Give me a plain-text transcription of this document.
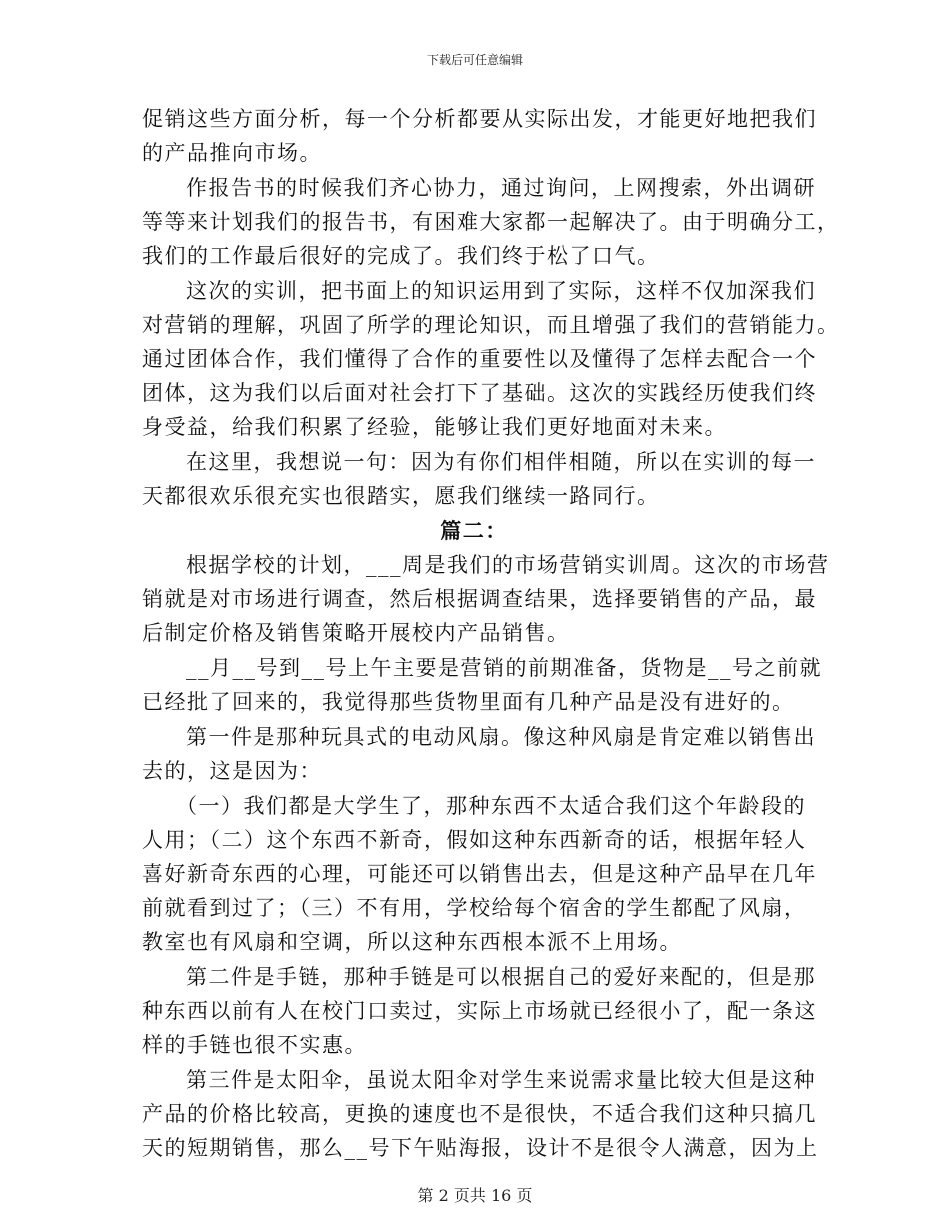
下载后可任意编辑

促销这些方面分析，每一个分析都要从实际出发，才能更好地把我们
的产品推向市场。

作报告书的时候我们齐心协力，通过询问，上网搜索，外出调研
等等来计划我们的报告书，有困难大家都一起解决了。由于明确分工，
我们的工作最后很好的完成了。我们终于松了口气。

这次的实训，把书面上的知识运用到了实际，这样不仅加深我们
对营销的理解，巩固了所学的理论知识，而且增强了我们的营销能力。
通过团体合作，我们懂得了合作的重要性以及懂得了怎样去配合一个
团体，这为我们以后面对社会打下了基础。这次的实践经历使我们终
身受益，给我们积累了经验，能够让我们更好地面对未来。

在这里，我想说一句：因为有你们相伴相随，所以在实训的每一
天都很欢乐很充实也很踏实，愿我们继续一路同行。

篇二：

根据学校的计划，___周是我们的市场营销实训周。这次的市场营
销就是对市场进行调查，然后根据调查结果，选择要销售的产品，最
后制定价格及销售策略开展校内产品销售。

__月__号到__号上午主要是营销的前期准备，货物是__号之前就
已经批了回来的，我觉得那些货物里面有几种产品是没有进好的。

第一件是那种玩具式的电动风扇。像这种风扇是肯定难以销售出
去的，这是因为：

（一）我们都是大学生了，那种东西不太适合我们这个年龄段的
人用；（二）这个东西不新奇，假如这种东西新奇的话，根据年轻人
喜好新奇东西的心理，可能还可以销售出去，但是这种产品早在几年
前就看到过了；（三）不有用，学校给每个宿舍的学生都配了风扇，
教室也有风扇和空调，所以这种东西根本派不上用场。

第二件是手链，那种手链是可以根据自己的爱好来配的，但是那
种东西以前有人在校门口卖过，实际上市场就已经很小了，配一条这
样的手链也很不实惠。

第三件是太阳伞，虽说太阳伞对学生来说需求量比较大但是这种
产品的价格比较高，更换的速度也不是很快，不适合我们这种只搞几
天的短期销售，那么__号下午贴海报，设计不是很令人满意，因为上

第 2 页共 16 页
